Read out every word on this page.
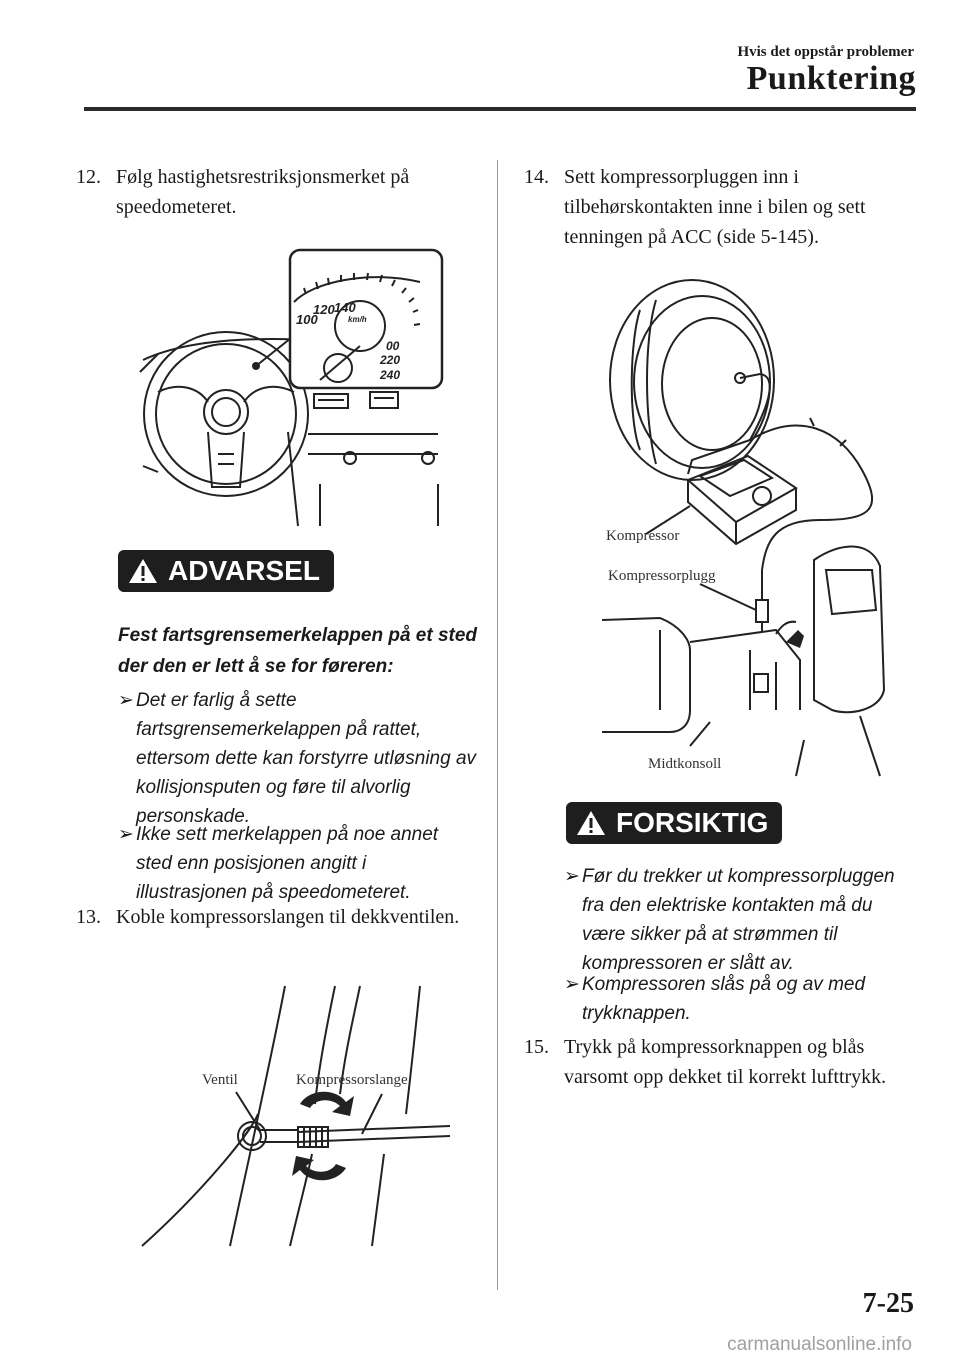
Hvis det oppstår problemer
Punktering
12. Følg hastighetsrestriksjonsmerket på speedometeret.
100
120 140
km/h
00
220
240
ADVARSEL
Fest fartsgrensemerkelappen på et sted der den er lett å se for føreren:
➢ Det er farlig å sette fartsgrensemerkelappen på rattet, ettersom dette kan forstyrre utløsning av kollisjonsputen og føre til alvorlig personskade.
➢ Ikke sett merkelappen på noe annet sted enn posisjonen angitt i illustrasjonen på speedometeret.
13. Koble kompressorslangen til dekkventilen.
Ventil	Kompressorslange
14. Sett kompressorpluggen inn i tilbehørskontakten inne i bilen og sett tenningen på ACC (side 5-145).
Kompressor
Kompressorplugg
Midtkonsoll
FORSIKTIG
➢ Før du trekker ut kompressorpluggen fra den elektriske kontakten må du være sikker på at strømmen til kompressoren er slått av.
➢ Kompressoren slås på og av med trykknappen.
15. Trykk på kompressorknappen og blås varsomt opp dekket til korrekt lufttrykk.
7-25
carmanualsonline.info
